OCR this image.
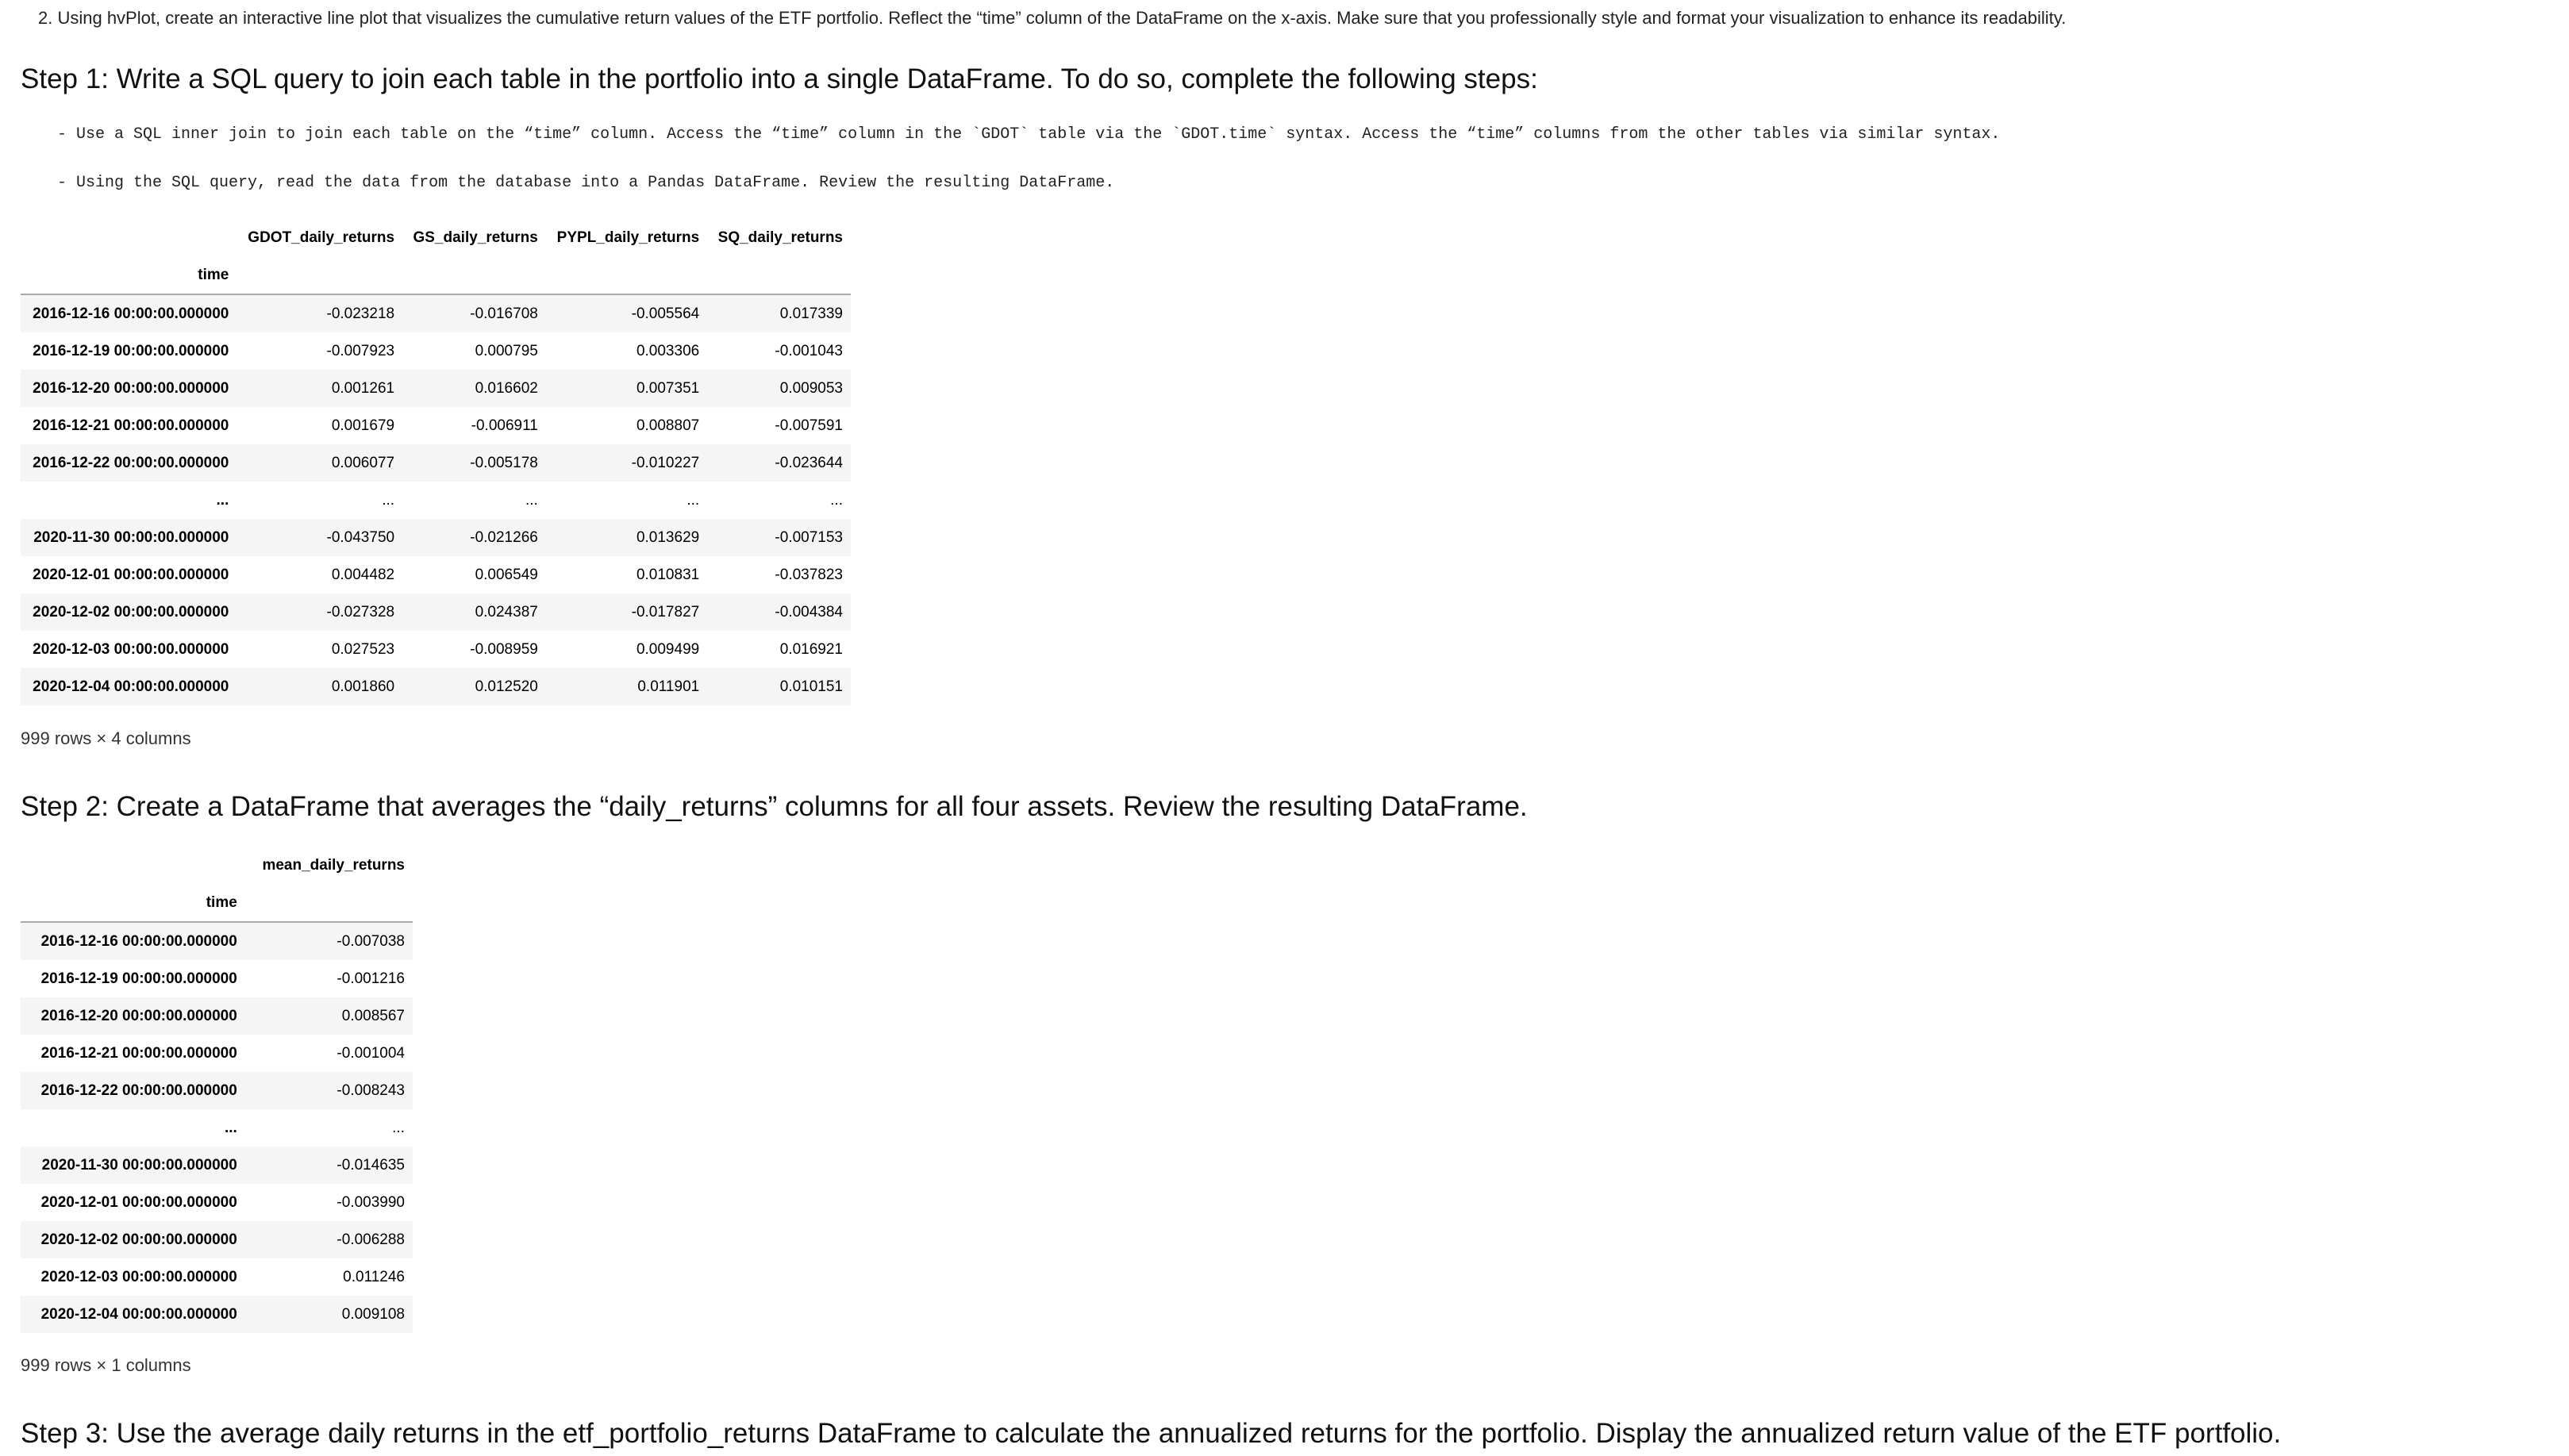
2. Using hvPlot, create an interactive line plot that visualizes the cumulative return values of the ETF portfolio. Reflect the “time” column of the DataFrame on the x-axis. Make sure that you professionally style and format your visualization to enhance its readability.
Step 1: Write a SQL query to join each table in the portfolio into a single DataFrame. To do so, complete the following steps:
- Use a SQL inner join to join each table on the “time” column. Access the “time” column in the `GDOT` table via the `GDOT.time` syntax. Access the “time” columns from the other tables via similar syntax.
- Using the SQL query, read the data from the database into a Pandas DataFrame. Review the resulting DataFrame.
	GDOT_daily_returns	GS_daily_returns	PYPL_daily_returns	SQ_daily_returns
time				
2016-12-16 00:00:00.000000	-0.023218	-0.016708	-0.005564	0.017339
2016-12-19 00:00:00.000000	-0.007923	0.000795	0.003306	-0.001043
2016-12-20 00:00:00.000000	0.001261	0.016602	0.007351	0.009053
2016-12-21 00:00:00.000000	0.001679	-0.006911	0.008807	-0.007591
2016-12-22 00:00:00.000000	0.006077	-0.005178	-0.010227	-0.023644
...	...	...	...	...
2020-11-30 00:00:00.000000	-0.043750	-0.021266	0.013629	-0.007153
2020-12-01 00:00:00.000000	0.004482	0.006549	0.010831	-0.037823
2020-12-02 00:00:00.000000	-0.027328	0.024387	-0.017827	-0.004384
2020-12-03 00:00:00.000000	0.027523	-0.008959	0.009499	0.016921
2020-12-04 00:00:00.000000	0.001860	0.012520	0.011901	0.010151
999 rows × 4 columns
Step 2: Create a DataFrame that averages the “daily_returns” columns for all four assets. Review the resulting DataFrame.
	mean_daily_returns
time	
2016-12-16 00:00:00.000000	-0.007038
2016-12-19 00:00:00.000000	-0.001216
2016-12-20 00:00:00.000000	0.008567
2016-12-21 00:00:00.000000	-0.001004
2016-12-22 00:00:00.000000	-0.008243
...	...
2020-11-30 00:00:00.000000	-0.014635
2020-12-01 00:00:00.000000	-0.003990
2020-12-02 00:00:00.000000	-0.006288
2020-12-03 00:00:00.000000	0.011246
2020-12-04 00:00:00.000000	0.009108
999 rows × 1 columns
Step 3: Use the average daily returns in the etf_portfolio_returns DataFrame to calculate the annualized returns for the portfolio. Display the annualized return value of the ETF portfolio.
